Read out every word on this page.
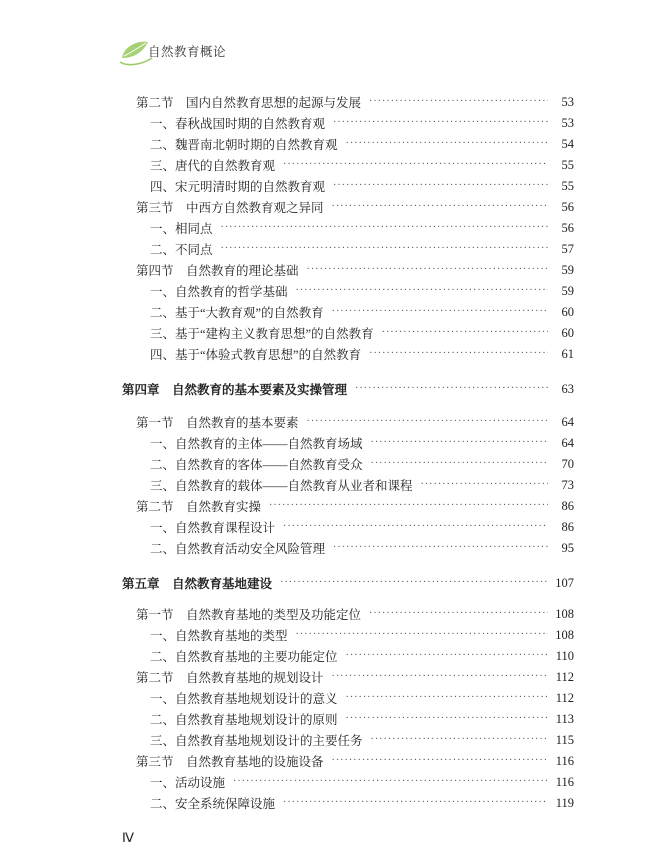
自然教育概论
第二节　国内自然教育思想的起源与发展 ·····	53
一、春秋战国时期的自然教育观 ·····	53
二、魏晋南北朝时期的自然教育观 ·····	54
三、唐代的自然教育观 ·····	55
四、宋元明清时期的自然教育观 ·····	55
第三节　中西方自然教育观之异同 ·····	56
一、相同点 ·····	56
二、不同点 ·····	57
第四节　自然教育的理论基础 ·····	59
一、自然教育的哲学基础 ·····	59
二、基于“大教育观”的自然教育 ·····	60
三、基于“建构主义教育思想”的自然教育 ·····	60
四、基于“体验式教育思想”的自然教育 ·····	61
第四章　自然教育的基本要素及实操管理 ·····	63
第一节　自然教育的基本要素 ·····	64
一、自然教育的主体——自然教育场域 ·····	64
二、自然教育的客体——自然教育受众 ·····	70
三、自然教育的载体——自然教育从业者和课程 ·····	73
第二节　自然教育实操 ·····	86
一、自然教育课程设计 ·····	86
二、自然教育活动安全风险管理 ·····	95
第五章　自然教育基地建设 ·····	107
第一节　自然教育基地的类型及功能定位 ·····	108
一、自然教育基地的类型 ·····	108
二、自然教育基地的主要功能定位 ·····	110
第二节　自然教育基地的规划设计 ·····	112
一、自然教育基地规划设计的意义 ·····	112
二、自然教育基地规划设计的原则 ·····	113
三、自然教育基地规划设计的主要任务 ·····	115
第三节　自然教育基地的设施设备 ·····	116
一、活动设施 ·····	116
二、安全系统保障设施 ·····	119
Ⅳ
